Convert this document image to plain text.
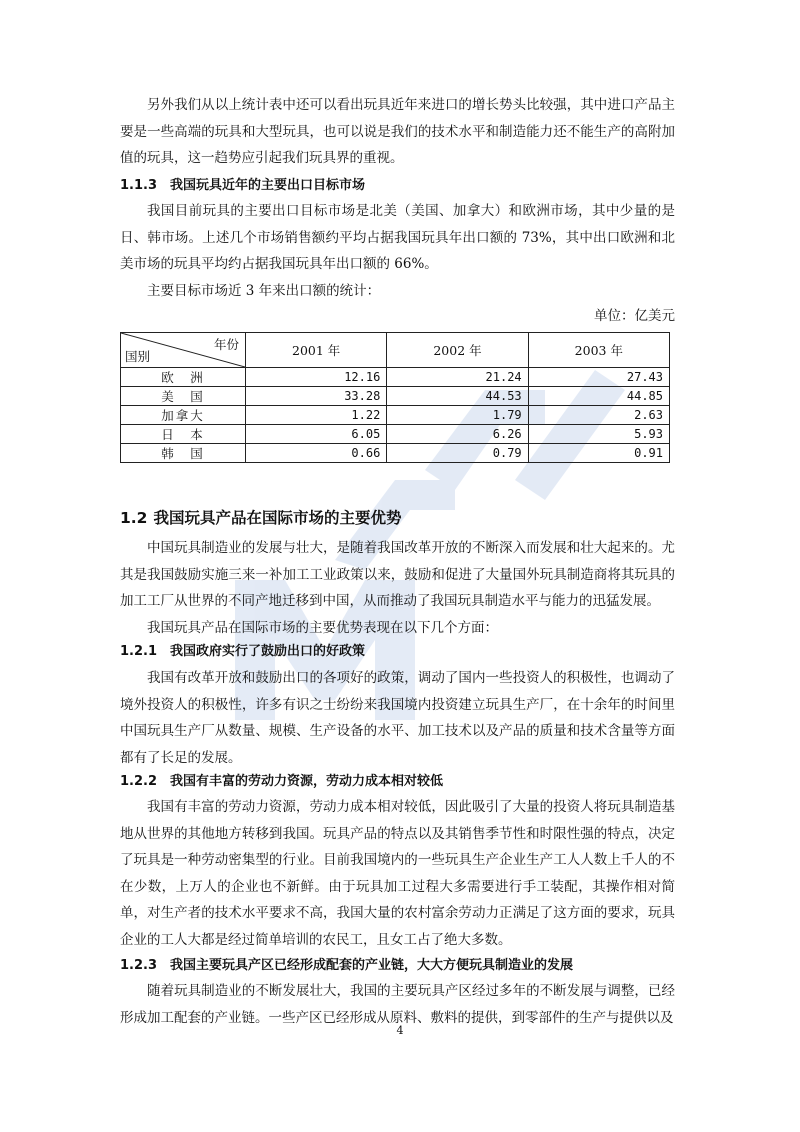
另外我们从以上统计表中还可以看出玩具近年来进口的增长势头比较强，其中进口产品主要是一些高端的玩具和大型玩具，也可以说是我们的技术水平和制造能力还不能生产的高附加值的玩具，这一趋势应引起我们玩具界的重视。
1.1.3 我国玩具近年的主要出口目标市场
我国目前玩具的主要出口目标市场是北美（美国、加拿大）和欧洲市场，其中少量的是日、韩市场。上述几个市场销售额约平均占据我国玩具年出口额的 73%，其中出口欧洲和北美市场的玩具平均约占据我国玩具年出口额的 66%。
主要目标市场近 3 年来出口额的统计：
单位：亿美元
年份
国别	2001 年	2002 年	2003 年
欧　洲	12.16	21.24	27.43
美　国	33.28	44.53	44.85
加拿大	1.22	1.79	2.63
日　本	6.05	6.26	5.93
韩　国	0.66	0.79	0.91
1.2 我国玩具产品在国际市场的主要优势
中国玩具制造业的发展与壮大，是随着我国改革开放的不断深入而发展和壮大起来的。尤其是我国鼓励实施三来一补加工工业政策以来，鼓励和促进了大量国外玩具制造商将其玩具的加工工厂从世界的不同产地迁移到中国，从而推动了我国玩具制造水平与能力的迅猛发展。
我国玩具产品在国际市场的主要优势表现在以下几个方面：
1.2.1 我国政府实行了鼓励出口的好政策
我国有改革开放和鼓励出口的各项好的政策，调动了国内一些投资人的积极性，也调动了境外投资人的积极性，许多有识之士纷纷来我国境内投资建立玩具生产厂，在十余年的时间里中国玩具生产厂从数量、规模、生产设备的水平、加工技术以及产品的质量和技术含量等方面都有了长足的发展。
1.2.2 我国有丰富的劳动力资源，劳动力成本相对较低
我国有丰富的劳动力资源，劳动力成本相对较低，因此吸引了大量的投资人将玩具制造基地从世界的其他地方转移到我国。玩具产品的特点以及其销售季节性和时限性强的特点，决定了玩具是一种劳动密集型的行业。目前我国境内的一些玩具生产企业生产工人人数上千人的不在少数，上万人的企业也不新鲜。由于玩具加工过程大多需要进行手工装配，其操作相对简单，对生产者的技术水平要求不高，我国大量的农村富余劳动力正满足了这方面的要求，玩具企业的工人大都是经过简单培训的农民工，且女工占了绝大多数。
1.2.3 我国主要玩具产区已经形成配套的产业链，大大方便玩具制造业的发展
随着玩具制造业的不断发展壮大，我国的主要玩具产区经过多年的不断发展与调整，已经形成加工配套的产业链。一些产区已经形成从原料、敷料的提供，到零部件的生产与提供以及
4
